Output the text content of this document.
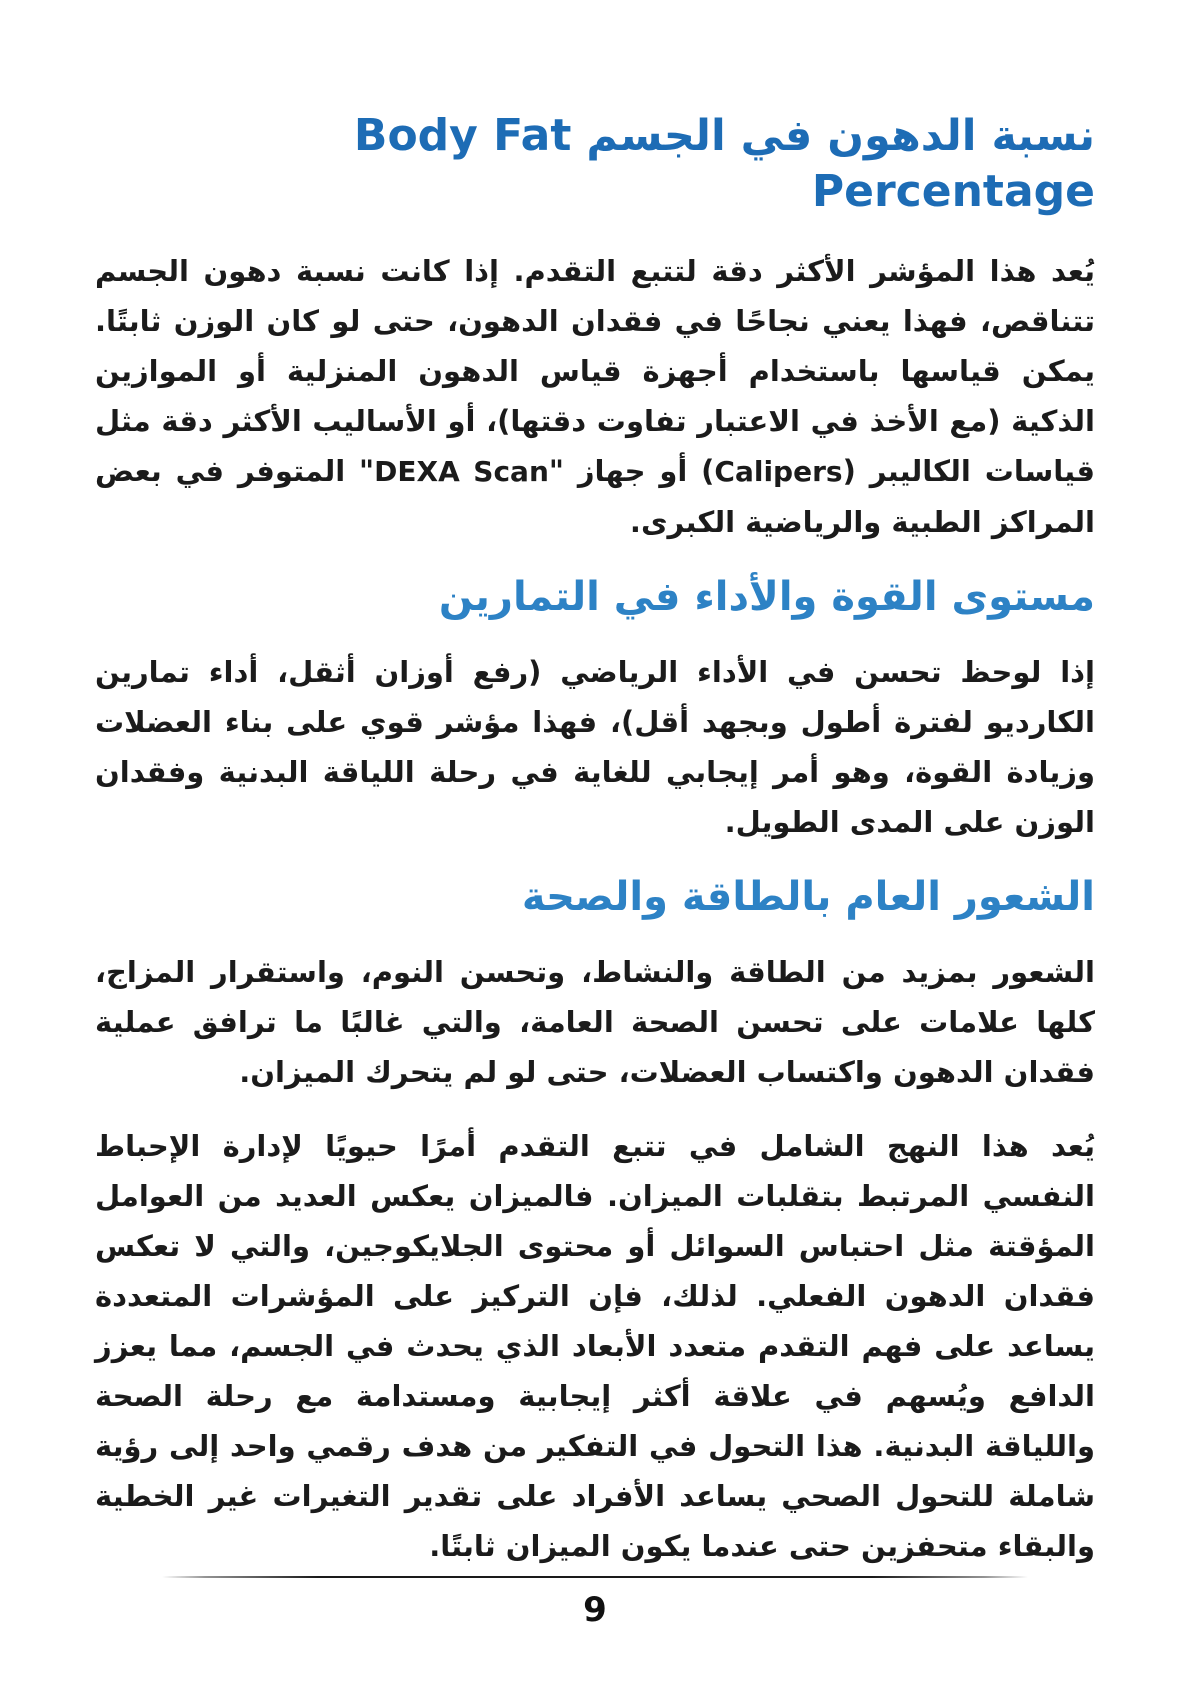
نسبة الدهون في الجسم Body Fat Percentage

يُعد هذا المؤشر الأكثر دقة لتتبع التقدم. إذا كانت نسبة دهون الجسم تتناقص، فهذا يعني نجاحًا في فقدان الدهون، حتى لو كان الوزن ثابتًا. يمكن قياسها باستخدام أجهزة قياس الدهون المنزلية أو الموازين الذكية (مع الأخذ في الاعتبار تفاوت دقتها)، أو الأساليب الأكثر دقة مثل قياسات الكاليبر (Calipers) أو جهاز "DEXA Scan" المتوفر في بعض المراكز الطبية والرياضية الكبرى.

مستوى القوة والأداء في التمارين

إذا لوحظ تحسن في الأداء الرياضي (رفع أوزان أثقل، أداء تمارين الكارديو لفترة أطول وبجهد أقل)، فهذا مؤشر قوي على بناء العضلات وزيادة القوة، وهو أمر إيجابي للغاية في رحلة اللياقة البدنية وفقدان الوزن على المدى الطويل.

الشعور العام بالطاقة والصحة

الشعور بمزيد من الطاقة والنشاط، وتحسن النوم، واستقرار المزاج، كلها علامات على تحسن الصحة العامة، والتي غالبًا ما ترافق عملية فقدان الدهون واكتساب العضلات، حتى لو لم يتحرك الميزان.

يُعد هذا النهج الشامل في تتبع التقدم أمرًا حيويًا لإدارة الإحباط النفسي المرتبط بتقلبات الميزان. فالميزان يعكس العديد من العوامل المؤقتة مثل احتباس السوائل أو محتوى الجلايكوجين، والتي لا تعكس فقدان الدهون الفعلي. لذلك، فإن التركيز على المؤشرات المتعددة يساعد على فهم التقدم متعدد الأبعاد الذي يحدث في الجسم، مما يعزز الدافع ويُسهم في علاقة أكثر إيجابية ومستدامة مع رحلة الصحة واللياقة البدنية. هذا التحول في التفكير من هدف رقمي واحد إلى رؤية شاملة للتحول الصحي يساعد الأفراد على تقدير التغيرات غير الخطية والبقاء متحفزين حتى عندما يكون الميزان ثابتًا.

9
